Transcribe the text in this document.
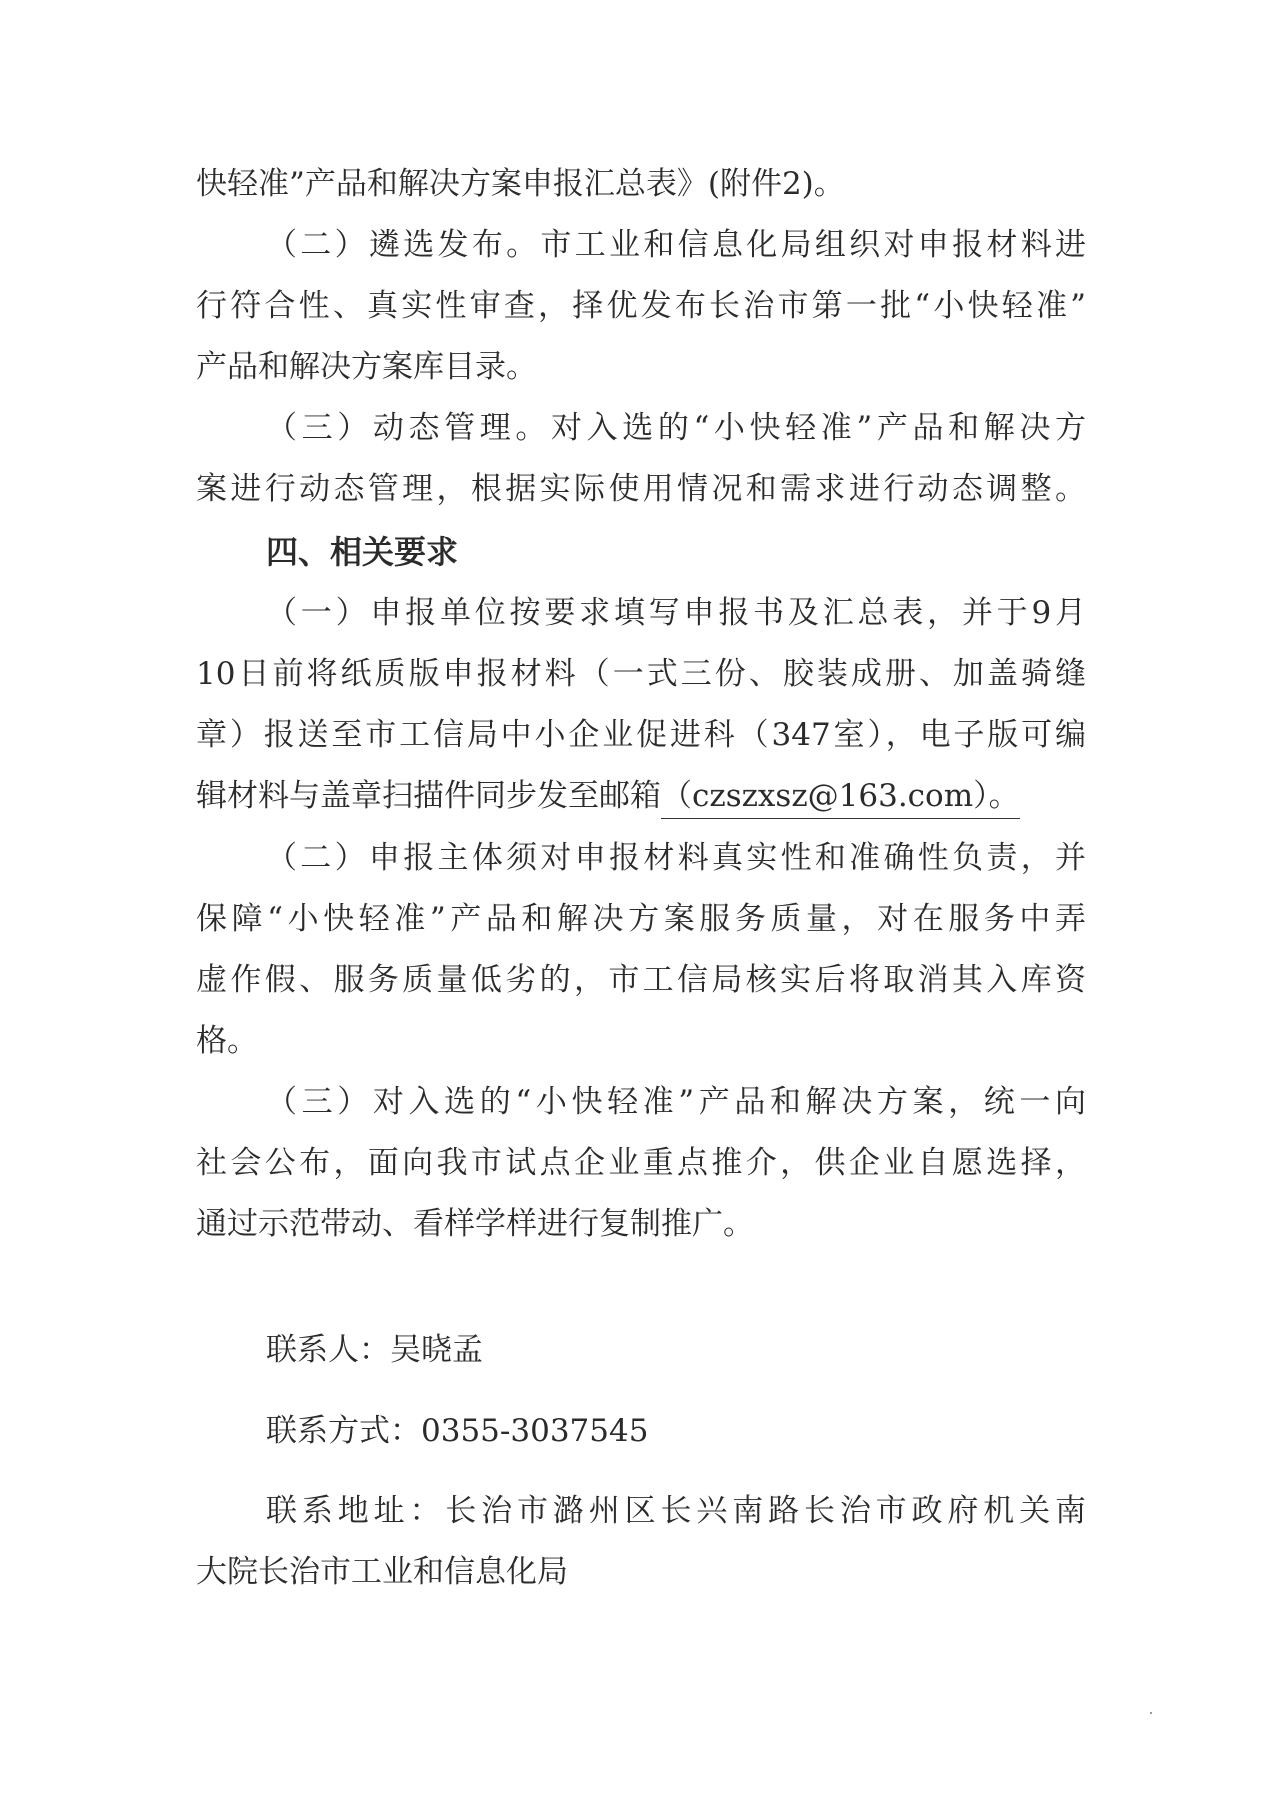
快轻准”产品和解决方案申报汇总表》(附件2)。

（二）遴选发布。市工业和信息化局组织对申报材料进

行符合性、真实性审查，择优发布长治市第一批“小快轻准”

产品和解决方案库目录。

（三）动态管理。对入选的“小快轻准”产品和解决方

案进行动态管理，根据实际使用情况和需求进行动态调整。

四、相关要求

（一）申报单位按要求填写申报书及汇总表，并于9月

10日前将纸质版申报材料（一式三份、胶装成册、加盖骑缝

章）报送至市工信局中小企业促进科（347室），电子版可编

辑材料与盖章扫描件同步发至邮箱（czszxsz@163.com）。

（二）申报主体须对申报材料真实性和准确性负责，并

保障“小快轻准”产品和解决方案服务质量，对在服务中弄

虚作假、服务质量低劣的，市工信局核实后将取消其入库资

格。

（三）对入选的“小快轻准”产品和解决方案，统一向

社会公布，面向我市试点企业重点推介，供企业自愿选择，

通过示范带动、看样学样进行复制推广。

联系人：吴晓孟

联系方式：0355-3037545

联系地址：长治市潞州区长兴南路长治市政府机关南

大院长治市工业和信息化局
